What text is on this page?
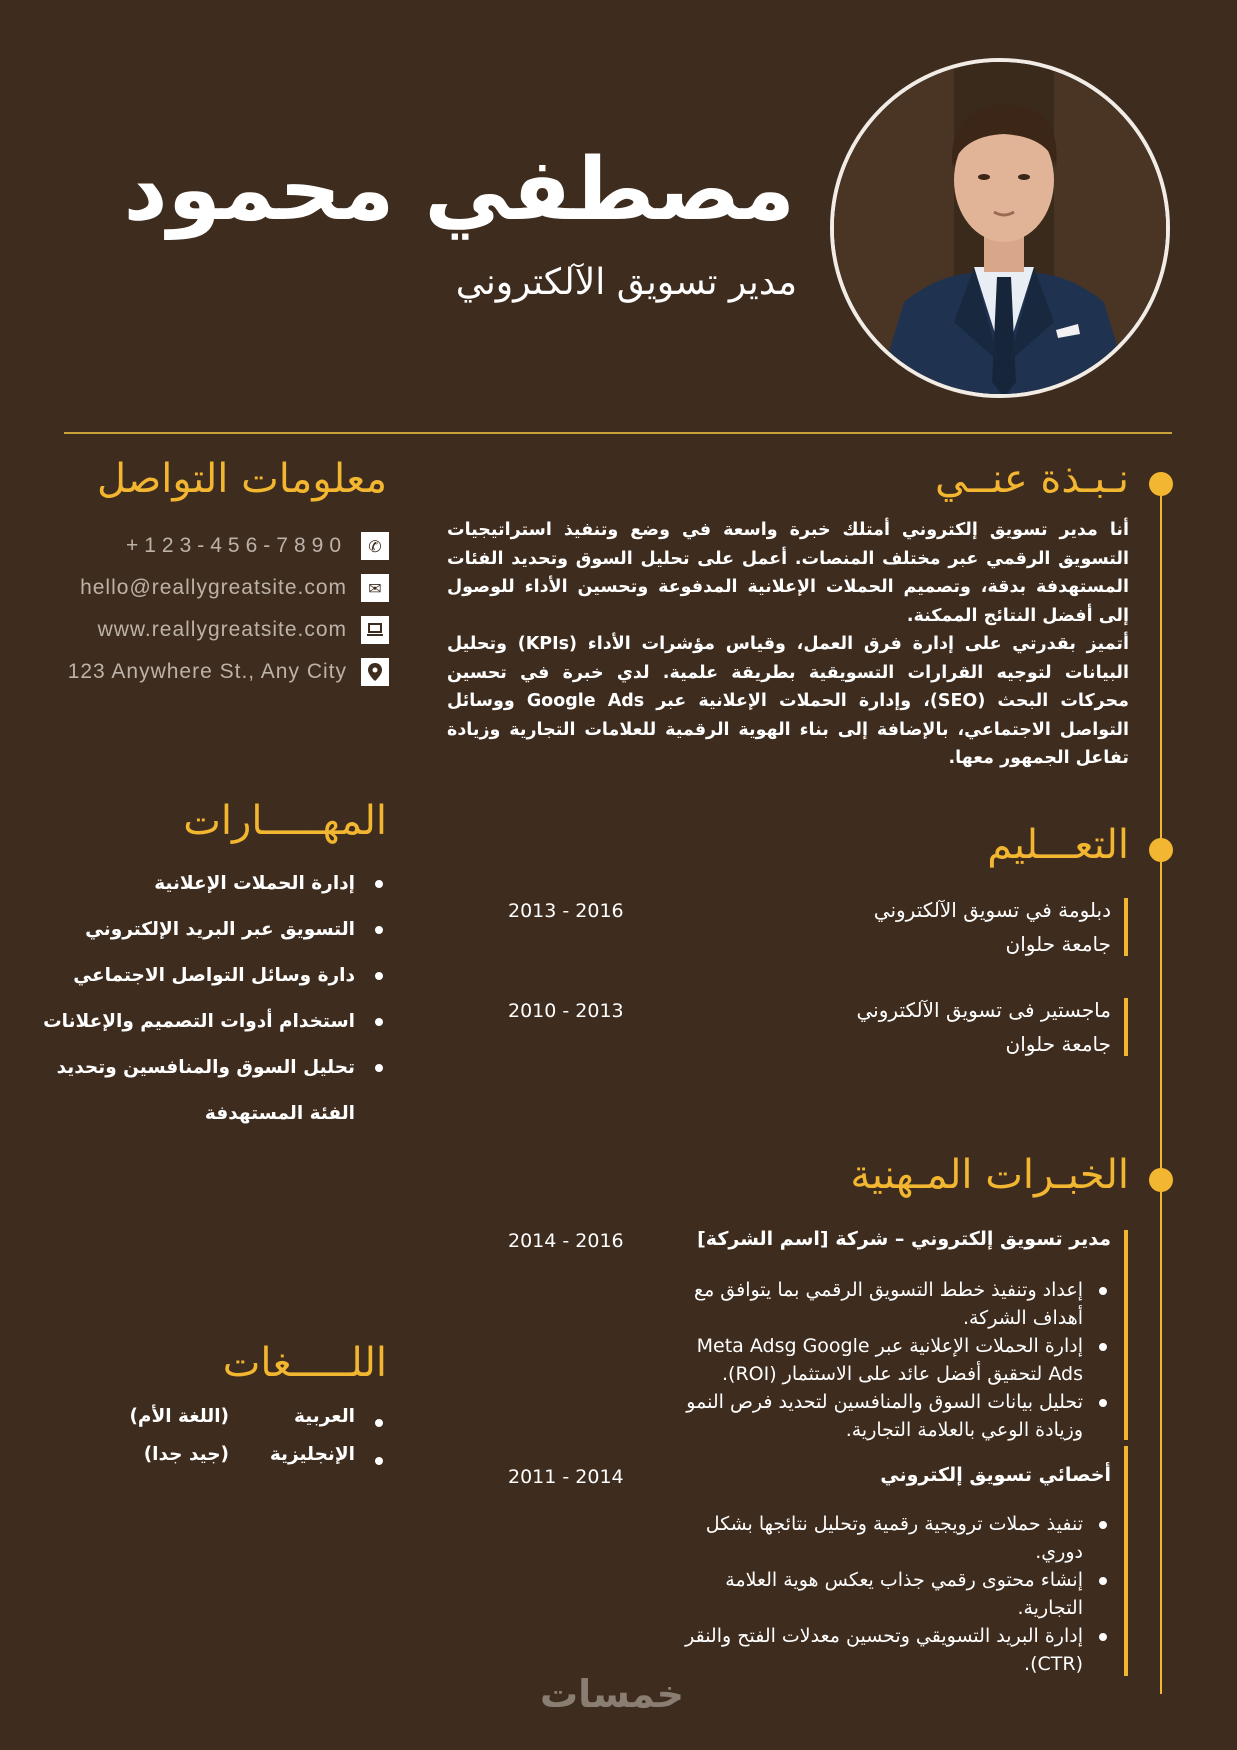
مصطفي محمود
مدير تسويق الآلكتروني
نـبـذة عنــي

أنا مدير تسويق إلكتروني أمتلك خبرة واسعة في وضع وتنفيذ استراتيجيات التسويق الرقمي عبر مختلف المنصات. أعمل على تحليل السوق وتحديد الفئات المستهدفة بدقة، وتصميم الحملات الإعلانية المدفوعة وتحسين الأداء للوصول إلى أفضل النتائج الممكنة.

أتميز بقدرتي على إدارة فرق العمل، وقياس مؤشرات الأداء (KPIs) وتحليل البيانات لتوجيه القرارات التسويقية بطريقة علمية. لدي خبرة في تحسين محركات البحث (SEO)، وإدارة الحملات الإعلانية عبر Google Ads ووسائل التواصل الاجتماعي، بالإضافة إلى بناء الهوية الرقمية للعلامات التجارية وزيادة تفاعل الجمهور معها.

التعـــليم
دبلومة في تسويق الآلكتروني
جامعة حلوان
2013 - 2016
ماجستير فى تسويق الآلكتروني
جامعة حلوان
2010 - 2013
الخبـرات المـهنية
مدير تسويق إلكتروني – شركة [اسم الشركة]
2014 - 2016
إعداد وتنفيذ خطط التسويق الرقمي بما يتوافق مع أهداف الشركة.
إدارة الحملات الإعلانية عبر Meta Adsg Google Ads لتحقيق أفضل عائد على الاستثمار (ROI).
تحليل بيانات السوق والمنافسين لتحديد فرص النمو وزيادة الوعي بالعلامة التجارية.
أخصائي تسويق إلكتروني
2011 - 2014
تنفيذ حملات ترويجية رقمية وتحليل نتائجها بشكل دوري.
إنشاء محتوى رقمي جذاب يعكس هوية العلامة التجارية.
إدارة البريد التسويقي وتحسين معدلات الفتح والنقر (CTR).
معلومات التواصل
✆
+123-456-7890
✉
hello@reallygreatsite.com
www.reallygreatsite.com
123 Anywhere St., Any City
المهـــــارات
إدارة الحملات الإعلانية
التسويق عبر البريد الإلكتروني
دارة وسائل التواصل الاجتماعي
استخدام أدوات التصميم والإعلانات
تحليل السوق والمنافسين وتحديد الفئة المستهدفة
اللـــــغات
العربية
(اللغة الأم)
الإنجليزية
(جيد جدا)
خمسات
